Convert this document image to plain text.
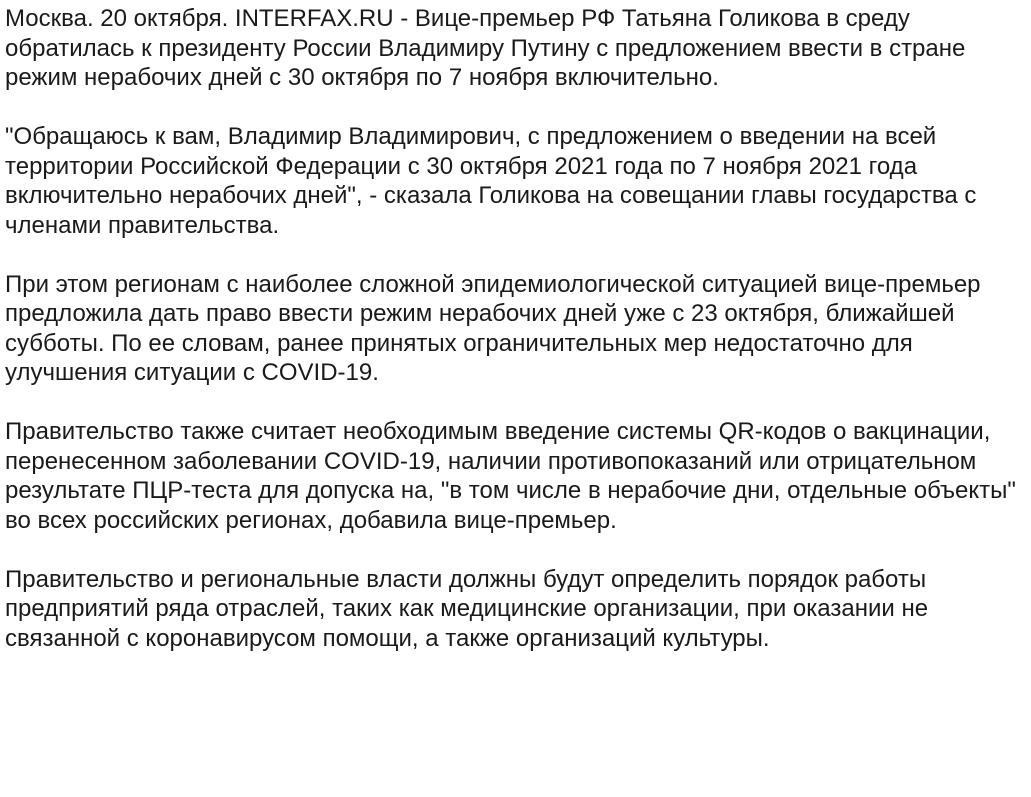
Москва. 20 октября. INTERFAX.RU - Вице-премьер РФ Татьяна Голикова в среду обратилась к президенту России Владимиру Путину с предложением ввести в стране режим нерабочих дней с 30 октября по 7 ноября включительно.

"Обращаюсь к вам, Владимир Владимирович, с предложением о введении на всей территории Российской Федерации с 30 октября 2021 года по 7 ноября 2021 года включительно нерабочих дней", - сказала Голикова на совещании главы государства с членами правительства.

При этом регионам с наиболее сложной эпидемиологической ситуацией вице-премьер предложила дать право ввести режим нерабочих дней уже с 23 октября, ближайшей субботы. По ее словам, ранее принятых ограничительных мер недостаточно для улучшения ситуации с COVID-19.

Правительство также считает необходимым введение системы QR-кодов о вакцинации, перенесенном заболевании COVID-19, наличии противопоказаний или отрицательном результате ПЦР-теста для допуска на, "в том числе в нерабочие дни, отдельные объекты" во всех российских регионах, добавила вице-премьер.

Правительство и региональные власти должны будут определить порядок работы предприятий ряда отраслей, таких как медицинские организации, при оказании не связанной с коронавирусом помощи, а также организаций культуры.
